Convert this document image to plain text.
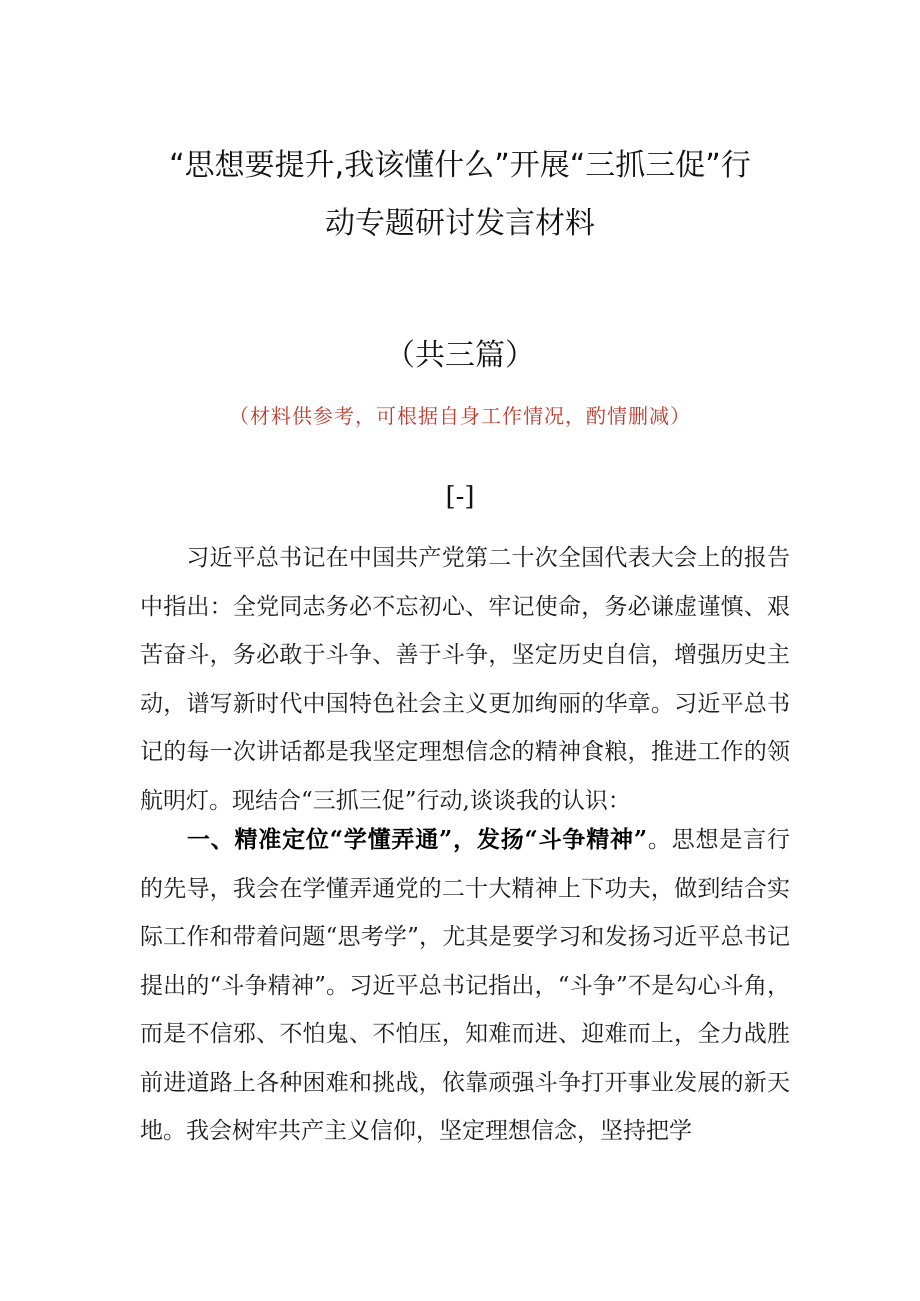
“思想要提升,我该懂什么”开展“三抓三促”行
动专题研讨发言材料
（共三篇）
（材料供参考，可根据自身工作情况，酌情删减）
[-]
习近平总书记在中国共产党第二十次全国代表大会上的报告中指出：全党同志务必不忘初心、牢记使命，务必谦虚谨慎、艰苦奋斗，务必敢于斗争、善于斗争，坚定历史自信，增强历史主动，谱写新时代中国特色社会主义更加绚丽的华章。习近平总书记的每一次讲话都是我坚定理想信念的精神食粮，推进工作的领航明灯。现结合“三抓三促”行动,谈谈我的认识：
一、精准定位“学懂弄通”，发扬“斗争精神”。思想是言行的先导，我会在学懂弄通党的二十大精神上下功夫，做到结合实际工作和带着问题“思考学”，尤其是要学习和发扬习近平总书记提出的“斗争精神”。习近平总书记指出，“斗争”不是勾心斗角，而是不信邪、不怕鬼、不怕压，知难而进、迎难而上，全力战胜前进道路上各种困难和挑战，依靠顽强斗争打开事业发展的新天地。我会树牢共产主义信仰，坚定理想信念，坚持把学
